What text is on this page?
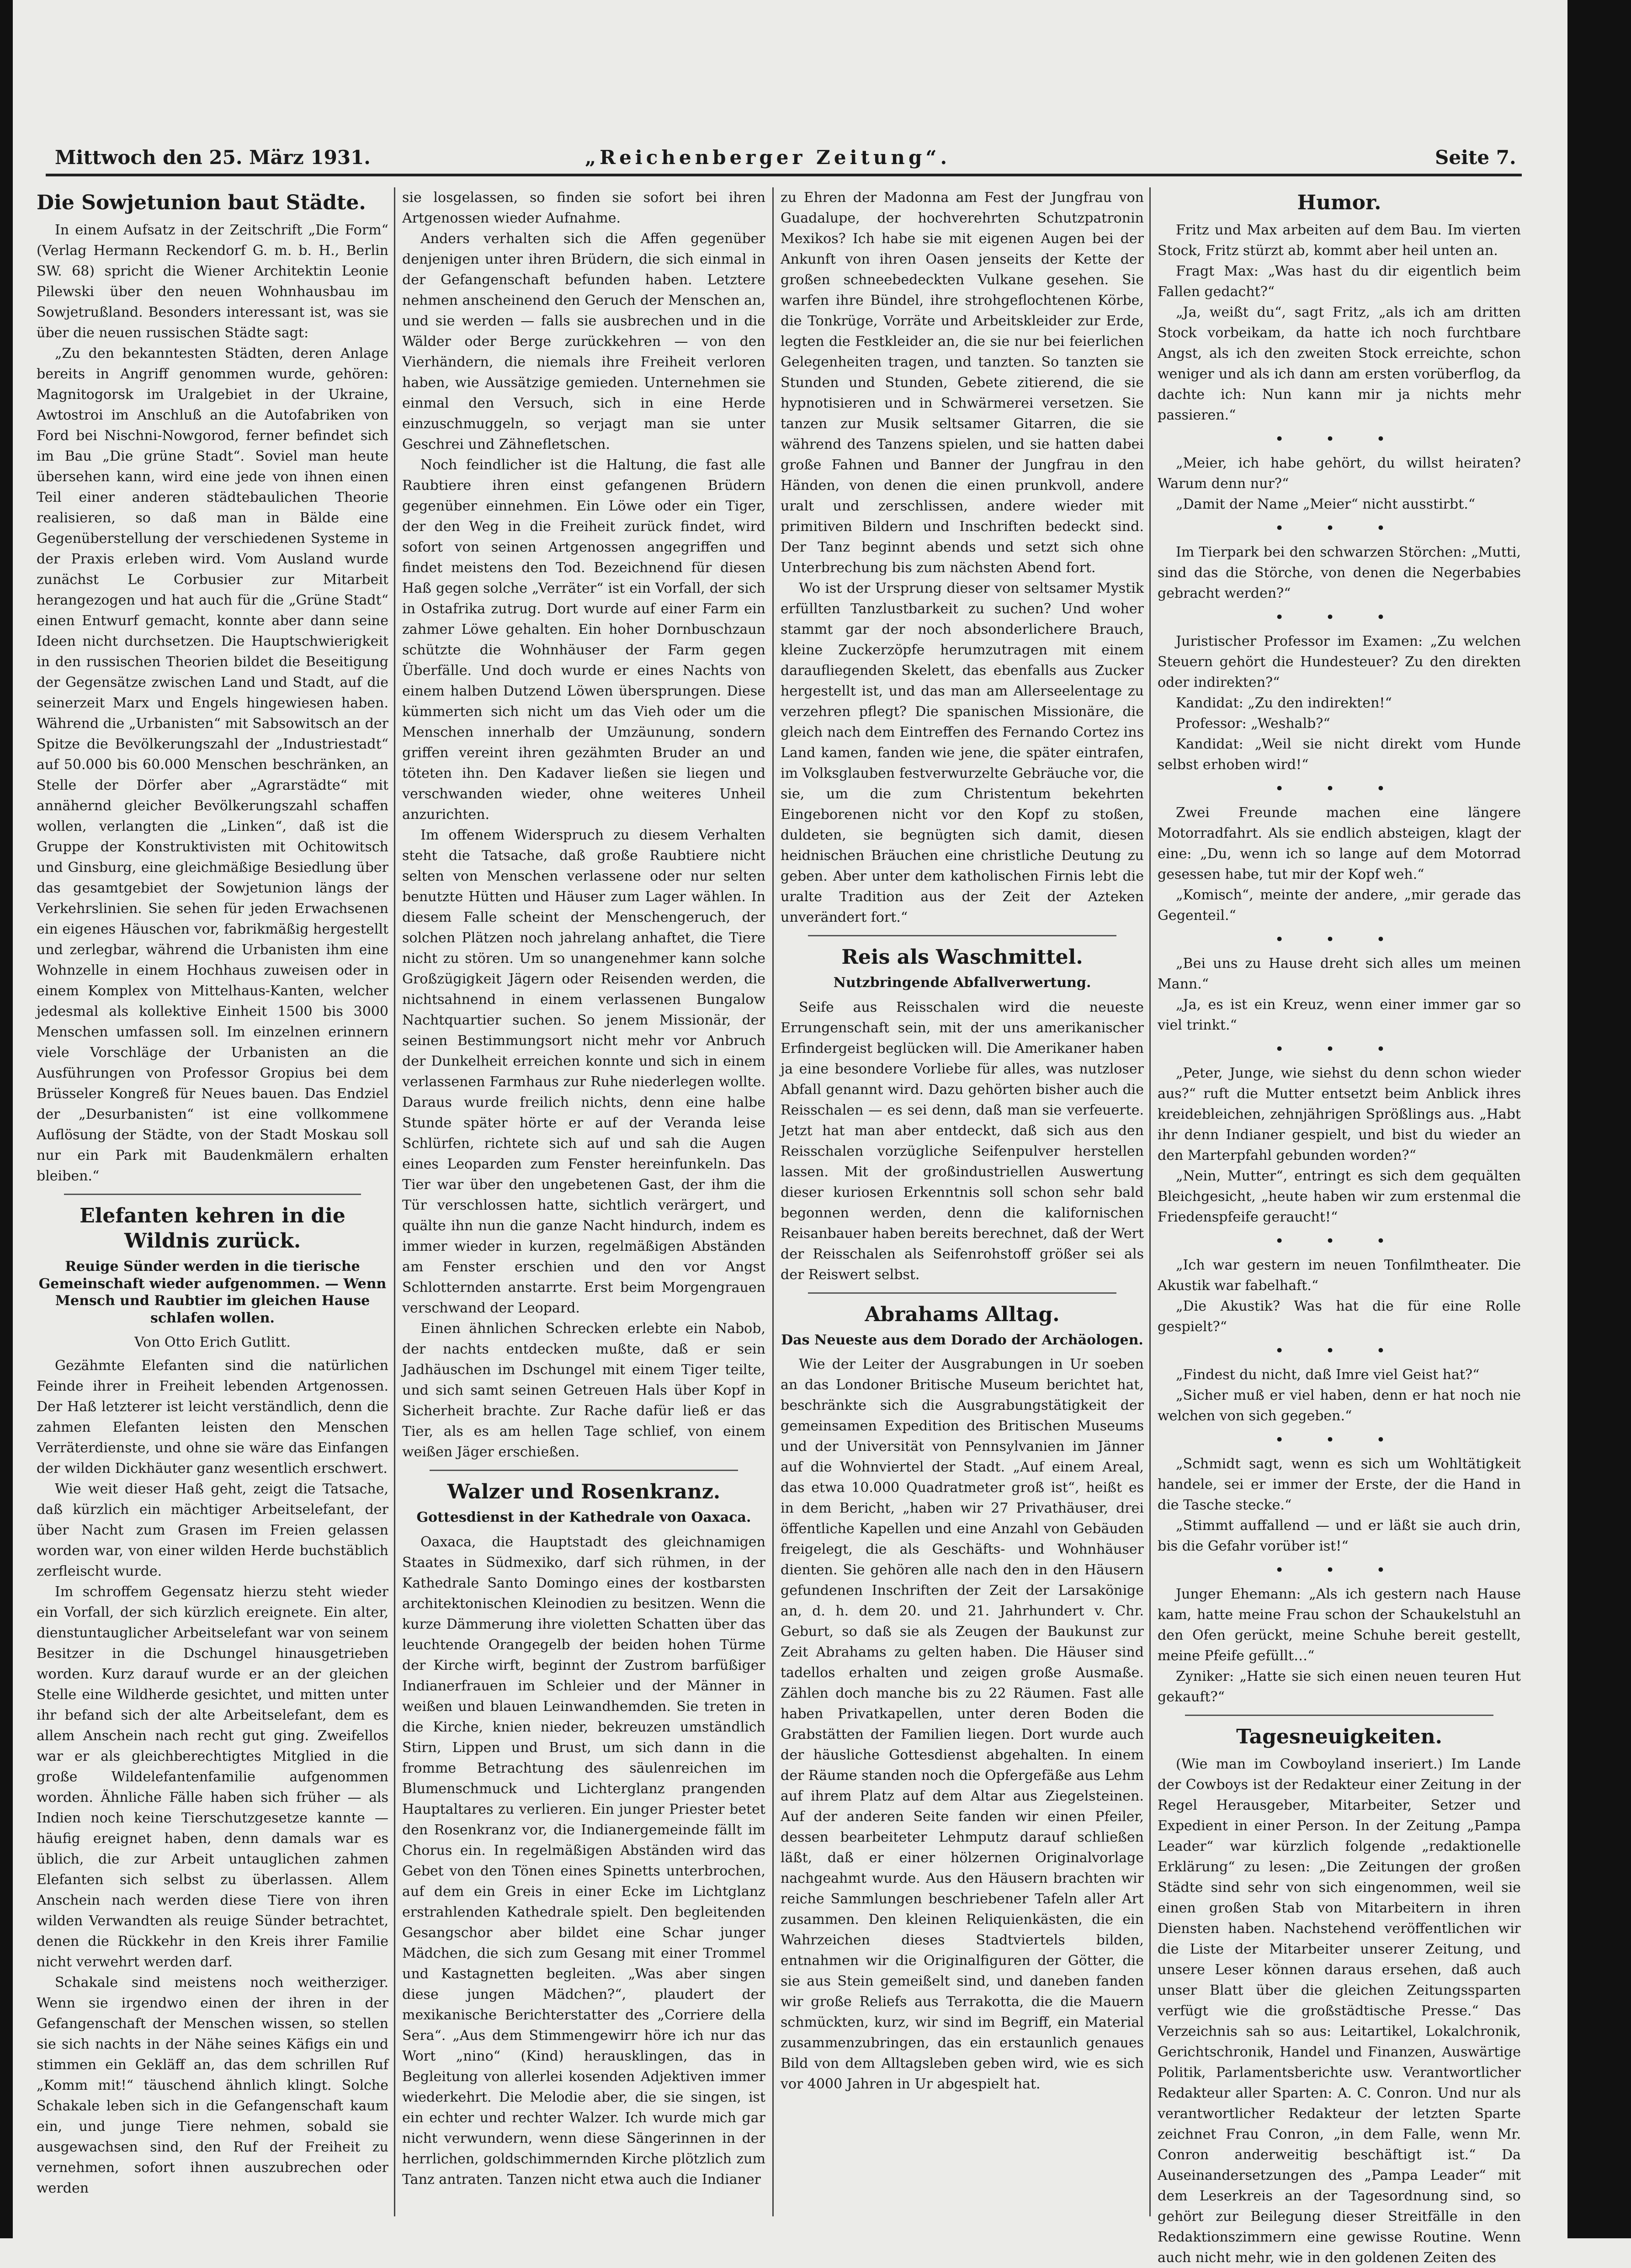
Mittwoch den 25. März 1931.	„Reichenberger Zeitung“.	Seite 7.
Die Sowjetunion baut Städte.

In einem Aufsatz in der Zeitschrift „Die Form“ (Verlag Hermann Reckendorf G. m. b. H., Berlin SW. 68) spricht die Wiener Architektin Leonie Pilewski über den neuen Wohnhausbau im Sowjetrußland. Besonders interessant ist, was sie über die neuen russischen Städte sagt:

„Zu den bekanntesten Städten, deren Anlage bereits in Angriff genommen wurde, gehören: Magnitogorsk im Uralgebiet in der Ukraine, Awtostroi im Anschluß an die Autofabriken von Ford bei Nischni-Nowgorod, ferner befindet sich im Bau „Die grüne Stadt“. Soviel man heute übersehen kann, wird eine jede von ihnen einen Teil einer anderen städtebaulichen Theorie realisieren, so daß man in Bälde eine Gegenüberstellung der verschiedenen Systeme in der Praxis erleben wird. Vom Ausland wurde zunächst Le Corbusier zur Mitarbeit herangezogen und hat auch für die „Grüne Stadt“ einen Entwurf gemacht, konnte aber dann seine Ideen nicht durchsetzen. Die Hauptschwierigkeit in den russischen Theorien bildet die Beseitigung der Gegensätze zwischen Land und Stadt, auf die seinerzeit Marx und Engels hingewiesen haben. Während die „Urbanisten“ mit Sabsowitsch an der Spitze die Bevölkerungszahl der „Industriestadt“ auf 50.000 bis 60.000 Menschen beschränken, an Stelle der Dörfer aber „Agrarstädte“ mit annähernd gleicher Bevölkerungszahl schaffen wollen, verlangten die „Linken“, daß ist die Gruppe der Konstruktivisten mit Ochitowitsch und Ginsburg, eine gleichmäßige Besiedlung über das gesamtgebiet der Sowjetunion längs der Verkehrslinien. Sie sehen für jeden Erwachsenen ein eigenes Häuschen vor, fabrikmäßig hergestellt und zerlegbar, während die Urbanisten ihm eine Wohnzelle in einem Hochhaus zuweisen oder in einem Komplex von Mittelhaus-Kanten, welcher jedesmal als kollektive Einheit 1500 bis 3000 Menschen umfassen soll. Im einzelnen erinnern viele Vorschläge der Urbanisten an die Ausführungen von Professor Gropius bei dem Brüsseler Kongreß für Neues bauen. Das Endziel der „Desurbanisten“ ist eine vollkommene Auflösung der Städte, von der Stadt Moskau soll nur ein Park mit Baudenkmälern erhalten bleiben.“

Elefanten kehren in die Wildnis zurück.
Reuige Sünder werden in die tierische Gemeinschaft wieder aufgenommen. — Wenn Mensch und Raubtier im gleichen Hause schlafen wollen.
Von Otto Erich Gutlitt.

Gezähmte Elefanten sind die natürlichen Feinde ihrer in Freiheit lebenden Artgenossen. Der Haß letzterer ist leicht verständlich, denn die zahmen Elefanten leisten den Menschen Verräterdienste, und ohne sie wäre das Einfangen der wilden Dickhäuter ganz wesentlich erschwert.

Wie weit dieser Haß geht, zeigt die Tatsache, daß kürzlich ein mächtiger Arbeitselefant, der über Nacht zum Grasen im Freien gelassen worden war, von einer wilden Herde buchstäblich zerfleischt wurde.

Im schroffem Gegensatz hierzu steht wieder ein Vorfall, der sich kürzlich ereignete. Ein alter, dienstuntauglicher Arbeitselefant war von seinem Besitzer in die Dschungel hinausgetrieben worden. Kurz darauf wurde er an der gleichen Stelle eine Wildherde gesichtet, und mitten unter ihr befand sich der alte Arbeitselefant, dem es allem Anschein nach recht gut ging. Zweifellos war er als gleichberechtigtes Mitglied in die große Wildelefantenfamilie aufgenommen worden. Ähnliche Fälle haben sich früher — als Indien noch keine Tierschutzgesetze kannte — häufig ereignet haben, denn damals war es üblich, die zur Arbeit untauglichen zahmen Elefanten sich selbst zu überlassen. Allem Anschein nach werden diese Tiere von ihren wilden Verwandten als reuige Sünder betrachtet, denen die Rückkehr in den Kreis ihrer Familie nicht verwehrt werden darf.

Schakale sind meistens noch weitherziger. Wenn sie irgendwo einen der ihren in der Gefangenschaft der Menschen wissen, so stellen sie sich nachts in der Nähe seines Käfigs ein und stimmen ein Gekläff an, das dem schrillen Ruf „Komm mit!“ täuschend ähnlich klingt. Solche Schakale leben sich in die Gefangenschaft kaum ein, und junge Tiere nehmen, sobald sie ausgewachsen sind, den Ruf der Freiheit zu vernehmen, sofort ihnen auszubrechen oder werden

sie losgelassen, so finden sie sofort bei ihren Artgenossen wieder Aufnahme.

Anders verhalten sich die Affen gegenüber denjenigen unter ihren Brüdern, die sich einmal in der Gefangenschaft befunden haben. Letztere nehmen anscheinend den Geruch der Menschen an, und sie werden — falls sie ausbrechen und in die Wälder oder Berge zurückkehren — von den Vierhändern, die niemals ihre Freiheit verloren haben, wie Aussätzige gemieden. Unternehmen sie einmal den Versuch, sich in eine Herde einzuschmuggeln, so verjagt man sie unter Geschrei und Zähnefletschen.

Noch feindlicher ist die Haltung, die fast alle Raubtiere ihren einst gefangenen Brüdern gegenüber einnehmen. Ein Löwe oder ein Tiger, der den Weg in die Freiheit zurück findet, wird sofort von seinen Artgenossen angegriffen und findet meistens den Tod. Bezeichnend für diesen Haß gegen solche „Verräter“ ist ein Vorfall, der sich in Ostafrika zutrug. Dort wurde auf einer Farm ein zahmer Löwe gehalten. Ein hoher Dornbuschzaun schützte die Wohnhäuser der Farm gegen Überfälle. Und doch wurde er eines Nachts von einem halben Dutzend Löwen übersprungen. Diese kümmerten sich nicht um das Vieh oder um die Menschen innerhalb der Umzäunung, sondern griffen vereint ihren gezähmten Bruder an und töteten ihn. Den Kadaver ließen sie liegen und verschwanden wieder, ohne weiteres Unheil anzurichten.

Im offenem Widerspruch zu diesem Verhalten steht die Tatsache, daß große Raubtiere nicht selten von Menschen verlassene oder nur selten benutzte Hütten und Häuser zum Lager wählen. In diesem Falle scheint der Menschengeruch, der solchen Plätzen noch jahrelang anhaftet, die Tiere nicht zu stören. Um so unangenehmer kann solche Großzügigkeit Jägern oder Reisenden werden, die nichtsahnend in einem verlassenen Bungalow Nachtquartier suchen. So jenem Missionär, der seinen Bestimmungsort nicht mehr vor Anbruch der Dunkelheit erreichen konnte und sich in einem verlassenen Farmhaus zur Ruhe niederlegen wollte. Daraus wurde freilich nichts, denn eine halbe Stunde später hörte er auf der Veranda leise Schlürfen, richtete sich auf und sah die Augen eines Leoparden zum Fenster hereinfunkeln. Das Tier war über den ungebetenen Gast, der ihm die Tür verschlossen hatte, sichtlich verärgert, und quälte ihn nun die ganze Nacht hindurch, indem es immer wieder in kurzen, regelmäßigen Abständen am Fenster erschien und den vor Angst Schlotternden anstarrte. Erst beim Morgengrauen verschwand der Leopard.

Einen ähnlichen Schrecken erlebte ein Nabob, der nachts entdecken mußte, daß er sein Jadhäuschen im Dschungel mit einem Tiger teilte, und sich samt seinen Getreuen Hals über Kopf in Sicherheit brachte. Zur Rache dafür ließ er das Tier, als es am hellen Tage schlief, von einem weißen Jäger erschießen.

Walzer und Rosenkranz.
Gottesdienst in der Kathedrale von Oaxaca.

Oaxaca, die Hauptstadt des gleichnamigen Staates in Südmexiko, darf sich rühmen, in der Kathedrale Santo Domingo eines der kostbarsten architektonischen Kleinodien zu besitzen. Wenn die kurze Dämmerung ihre violetten Schatten über das leuchtende Orangegelb der beiden hohen Türme der Kirche wirft, beginnt der Zustrom barfüßiger Indianerfrauen im Schleier und der Männer in weißen und blauen Leinwandhemden. Sie treten in die Kirche, knien nieder, bekreuzen umständlich Stirn, Lippen und Brust, um sich dann in die fromme Betrachtung des säulenreichen im Blumenschmuck und Lichterglanz prangenden Hauptaltares zu verlieren. Ein junger Priester betet den Rosenkranz vor, die Indianergemeinde fällt im Chorus ein. In regelmäßigen Abständen wird das Gebet von den Tönen eines Spinetts unterbrochen, auf dem ein Greis in einer Ecke im Lichtglanz erstrahlenden Kathedrale spielt. Den begleitenden Gesangschor aber bildet eine Schar junger Mädchen, die sich zum Gesang mit einer Trommel und Kastagnetten begleiten. „Was aber singen diese jungen Mädchen?“, plaudert der mexikanische Berichterstatter des „Corriere della Sera“. „Aus dem Stimmengewirr höre ich nur das Wort „nino“ (Kind) herausklingen, das in Begleitung von allerlei kosenden Adjektiven immer wiederkehrt. Die Melodie aber, die sie singen, ist ein echter und rechter Walzer. Ich wurde mich gar nicht verwundern, wenn diese Sängerinnen in der herrlichen, goldschimmernden Kirche plötzlich zum Tanz antraten. Tanzen nicht etwa auch die Indianer

zu Ehren der Madonna am Fest der Jungfrau von Guadalupe, der hochverehrten Schutzpatronin Mexikos? Ich habe sie mit eigenen Augen bei der Ankunft von ihren Oasen jenseits der Kette der großen schneebedeckten Vulkane gesehen. Sie warfen ihre Bündel, ihre strohgeflochtenen Körbe, die Tonkrüge, Vorräte und Arbeitskleider zur Erde, legten die Festkleider an, die sie nur bei feierlichen Gelegenheiten tragen, und tanzten. So tanzten sie Stunden und Stunden, Gebete zitierend, die sie hypnotisieren und in Schwärmerei versetzen. Sie tanzen zur Musik seltsamer Gitarren, die sie während des Tanzens spielen, und sie hatten dabei große Fahnen und Banner der Jungfrau in den Händen, von denen die einen prunkvoll, andere uralt und zerschlissen, andere wieder mit primitiven Bildern und Inschriften bedeckt sind. Der Tanz beginnt abends und setzt sich ohne Unterbrechung bis zum nächsten Abend fort.

Wo ist der Ursprung dieser von seltsamer Mystik erfüllten Tanzlustbarkeit zu suchen? Und woher stammt gar der noch absonderlichere Brauch, kleine Zuckerzöpfe herumzutragen mit einem daraufliegenden Skelett, das ebenfalls aus Zucker hergestellt ist, und das man am Allerseelentage zu verzehren pflegt? Die spanischen Missionäre, die gleich nach dem Eintreffen des Fernando Cortez ins Land kamen, fanden wie jene, die später eintrafen, im Volksglauben festverwurzelte Gebräuche vor, die sie, um die zum Christentum bekehrten Eingeborenen nicht vor den Kopf zu stoßen, duldeten, sie begnügten sich damit, diesen heidnischen Bräuchen eine christliche Deutung zu geben. Aber unter dem katholischen Firnis lebt die uralte Tradition aus der Zeit der Azteken unverändert fort.“

Reis als Waschmittel.
Nutzbringende Abfallverwertung.

Seife aus Reisschalen wird die neueste Errungenschaft sein, mit der uns amerikanischer Erfindergeist beglücken will. Die Amerikaner haben ja eine besondere Vorliebe für alles, was nutzloser Abfall genannt wird. Dazu gehörten bisher auch die Reisschalen — es sei denn, daß man sie verfeuerte. Jetzt hat man aber entdeckt, daß sich aus den Reisschalen vorzügliche Seifenpulver herstellen lassen. Mit der großindustriellen Auswertung dieser kuriosen Erkenntnis soll schon sehr bald begonnen werden, denn die kalifornischen Reisanbauer haben bereits berechnet, daß der Wert der Reisschalen als Seifenrohstoff größer sei als der Reiswert selbst.

Abrahams Alltag.
Das Neueste aus dem Dorado der Archäologen.

Wie der Leiter der Ausgrabungen in Ur soeben an das Londoner Britische Museum berichtet hat, beschränkte sich die Ausgrabungstätigkeit der gemeinsamen Expedition des Britischen Museums und der Universität von Pennsylvanien im Jänner auf die Wohnviertel der Stadt. „Auf einem Areal, das etwa 10.000 Quadratmeter groß ist“, heißt es in dem Bericht, „haben wir 27 Privathäuser, drei öffentliche Kapellen und eine Anzahl von Gebäuden freigelegt, die als Geschäfts- und Wohnhäuser dienten. Sie gehören alle nach den in den Häusern gefundenen Inschriften der Zeit der Larsakönige an, d. h. dem 20. und 21. Jahrhundert v. Chr. Geburt, so daß sie als Zeugen der Baukunst zur Zeit Abrahams zu gelten haben. Die Häuser sind tadellos erhalten und zeigen große Ausmaße. Zählen doch manche bis zu 22 Räumen. Fast alle haben Privatkapellen, unter deren Boden die Grabstätten der Familien liegen. Dort wurde auch der häusliche Gottesdienst abgehalten. In einem der Räume standen noch die Opfergefäße aus Lehm auf ihrem Platz auf dem Altar aus Ziegelsteinen. Auf der anderen Seite fanden wir einen Pfeiler, dessen bearbeiteter Lehmputz darauf schließen läßt, daß er einer hölzernen Originalvorlage nachgeahmt wurde. Aus den Häusern brachten wir reiche Sammlungen beschriebener Tafeln aller Art zusammen. Den kleinen Reliquienkästen, die ein Wahrzeichen dieses Stadtviertels bilden, entnahmen wir die Originalfiguren der Götter, die sie aus Stein gemeißelt sind, und daneben fanden wir große Reliefs aus Terrakotta, die die Mauern schmückten, kurz, wir sind im Begriff, ein Material zusammenzubringen, das ein erstaunlich genaues Bild von dem Alltagsleben geben wird, wie es sich vor 4000 Jahren in Ur abgespielt hat.

Humor.

Fritz und Max arbeiten auf dem Bau. Im vierten Stock, Fritz stürzt ab, kommt aber heil unten an.

Fragt Max: „Was hast du dir eigentlich beim Fallen gedacht?“

„Ja, weißt du“, sagt Fritz, „als ich am dritten Stock vorbeikam, da hatte ich noch furchtbare Angst, als ich den zweiten Stock erreichte, schon weniger und als ich dann am ersten vorüberflog, da dachte ich: Nun kann mir ja nichts mehr passieren.“

• • •

„Meier, ich habe gehört, du willst heiraten? Warum denn nur?“

„Damit der Name „Meier“ nicht ausstirbt.“

• • •

Im Tierpark bei den schwarzen Störchen: „Mutti, sind das die Störche, von denen die Negerbabies gebracht werden?“

• • •

Juristischer Professor im Examen: „Zu welchen Steuern gehört die Hundesteuer? Zu den direkten oder indirekten?“

Kandidat: „Zu den indirekten!“

Professor: „Weshalb?“

Kandidat: „Weil sie nicht direkt vom Hunde selbst erhoben wird!“

• • •

Zwei Freunde machen eine längere Motorradfahrt. Als sie endlich absteigen, klagt der eine: „Du, wenn ich so lange auf dem Motorrad gesessen habe, tut mir der Kopf weh.“

„Komisch“, meinte der andere, „mir gerade das Gegenteil.“

• • •

„Bei uns zu Hause dreht sich alles um meinen Mann.“

„Ja, es ist ein Kreuz, wenn einer immer gar so viel trinkt.“

• • •

„Peter, Junge, wie siehst du denn schon wieder aus?“ ruft die Mutter entsetzt beim Anblick ihres kreidebleichen, zehnjährigen Sprößlings aus. „Habt ihr denn Indianer gespielt, und bist du wieder an den Marterpfahl gebunden worden?“

„Nein, Mutter“, entringt es sich dem gequälten Bleichgesicht, „heute haben wir zum erstenmal die Friedenspfeife geraucht!“

• • •

„Ich war gestern im neuen Tonfilmtheater. Die Akustik war fabelhaft.“

„Die Akustik? Was hat die für eine Rolle gespielt?“

• • •

„Findest du nicht, daß Imre viel Geist hat?“

„Sicher muß er viel haben, denn er hat noch nie welchen von sich gegeben.“

• • •

„Schmidt sagt, wenn es sich um Wohltätigkeit handele, sei er immer der Erste, der die Hand in die Tasche stecke.“

„Stimmt auffallend — und er läßt sie auch drin, bis die Gefahr vorüber ist!“

• • •

Junger Ehemann: „Als ich gestern nach Hause kam, hatte meine Frau schon der Schaukelstuhl an den Ofen gerückt, meine Schuhe bereit gestellt, meine Pfeife gefüllt…“

Zyniker: „Hatte sie sich einen neuen teuren Hut gekauft?“

Tagesneuigkeiten.

(Wie man im Cowboyland inseriert.) Im Lande der Cowboys ist der Redakteur einer Zeitung in der Regel Herausgeber, Mitarbeiter, Setzer und Expedient in einer Person. In der Zeitung „Pampa Leader“ war kürzlich folgende „redaktionelle Erklärung“ zu lesen: „Die Zeitungen der großen Städte sind sehr von sich eingenommen, weil sie einen großen Stab von Mitarbeitern in ihren Diensten haben. Nachstehend veröffentlichen wir die Liste der Mitarbeiter unserer Zeitung, und unsere Leser können daraus ersehen, daß auch unser Blatt über die gleichen Zeitungssparten verfügt wie die großstädtische Presse.“ Das Verzeichnis sah so aus: Leitartikel, Lokalchronik, Gerichtschronik, Handel und Finanzen, Auswärtige Politik, Parlamentsberichte usw. Verantwortlicher Redakteur aller Sparten: A. C. Conron. Und nur als verantwortlicher Redakteur der letzten Sparte zeichnet Frau Conron, „in dem Falle, wenn Mr. Conron anderweitig beschäftigt ist.“ Da Auseinandersetzungen des „Pampa Leader“ mit dem Leserkreis an der Tagesordnung sind, so gehört zur Beilegung dieser Streitfälle in den Redaktionszimmern eine gewisse Routine. Wenn auch nicht mehr, wie in den goldenen Zeiten des
